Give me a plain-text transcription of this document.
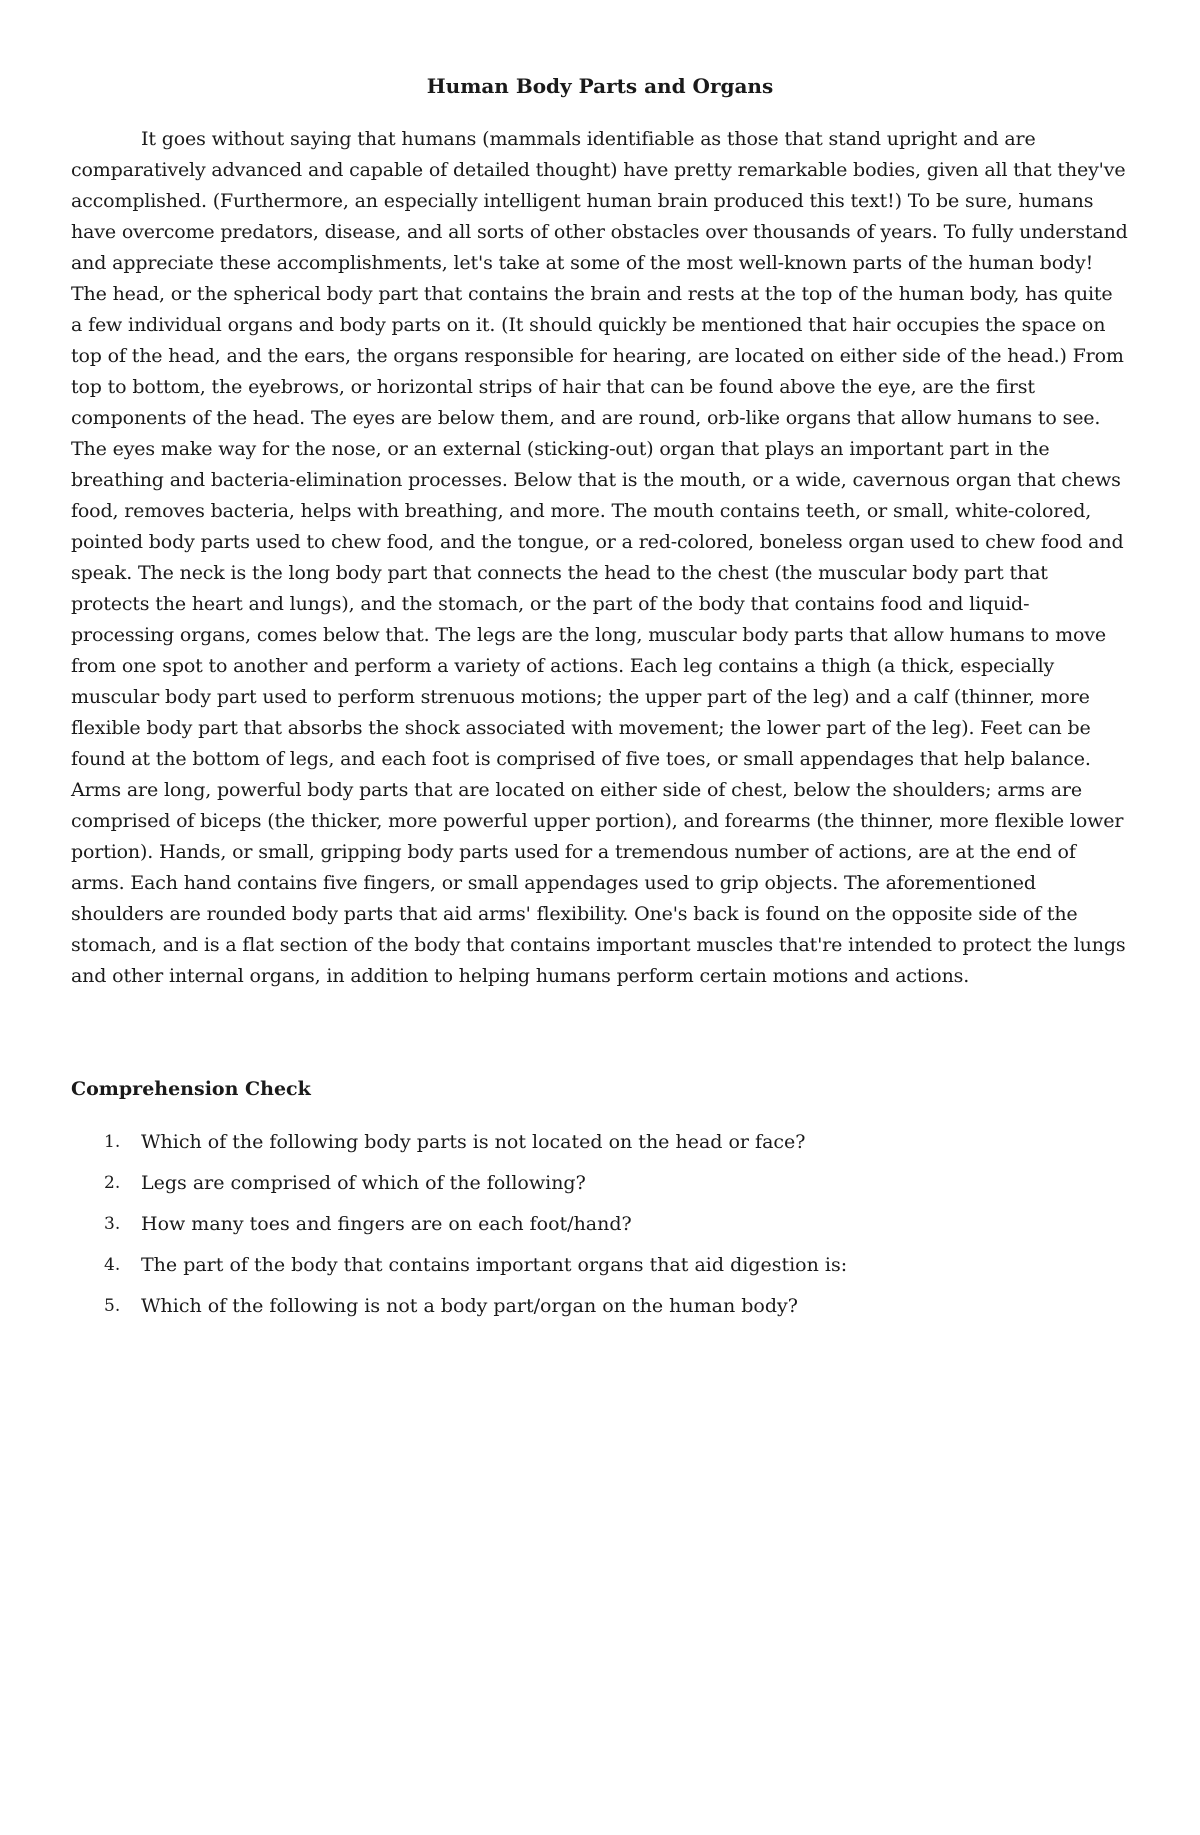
Human Body Parts and Organs

It goes without saying that humans (mammals identifiable as those that stand upright and are comparatively advanced and capable of detailed thought) have pretty remarkable bodies, given all that they've accomplished. (Furthermore, an especially intelligent human brain produced this text!) To be sure, humans have overcome predators, disease, and all sorts of other obstacles over thousands of years. To fully understand and appreciate these accomplishments, let's take at some of the most well-known parts of the human body! The head, or the spherical body part that contains the brain and rests at the top of the human body, has quite a few individual organs and body parts on it. (It should quickly be mentioned that hair occupies the space on top of the head, and the ears, the organs responsible for hearing, are located on either side of the head.) From top to bottom, the eyebrows, or horizontal strips of hair that can be found above the eye, are the first components of the head. The eyes are below them, and are round, orb-like organs that allow humans to see. The eyes make way for the nose, or an external (sticking-out) organ that plays an important part in the breathing and bacteria-elimination processes. Below that is the mouth, or a wide, cavernous organ that chews food, removes bacteria, helps with breathing, and more. The mouth contains teeth, or small, white-colored, pointed body parts used to chew food, and the tongue, or a red-colored, boneless organ used to chew food and speak. The neck is the long body part that connects the head to the chest (the muscular body part that protects the heart and lungs), and the stomach, or the part of the body that contains food and liquid-processing organs, comes below that. The legs are the long, muscular body parts that allow humans to move from one spot to another and perform a variety of actions. Each leg contains a thigh (a thick, especially muscular body part used to perform strenuous motions; the upper part of the leg) and a calf (thinner, more flexible body part that absorbs the shock associated with movement; the lower part of the leg). Feet can be found at the bottom of legs, and each foot is comprised of five toes, or small appendages that help balance. Arms are long, powerful body parts that are located on either side of chest, below the shoulders; arms are comprised of biceps (the thicker, more powerful upper portion), and forearms (the thinner, more flexible lower portion). Hands, or small, gripping body parts used for a tremendous number of actions, are at the end of arms. Each hand contains five fingers, or small appendages used to grip objects. The aforementioned shoulders are rounded body parts that aid arms' flexibility. One's back is found on the opposite side of the stomach, and is a flat section of the body that contains important muscles that're intended to protect the lungs and other internal organs, in addition to helping humans perform certain motions and actions.

Comprehension Check
1. Which of the following body parts is not located on the head or face?
2. Legs are comprised of which of the following?
3. How many toes and fingers are on each foot/hand?
4. The part of the body that contains important organs that aid digestion is:
5. Which of the following is not a body part/organ on the human body?
